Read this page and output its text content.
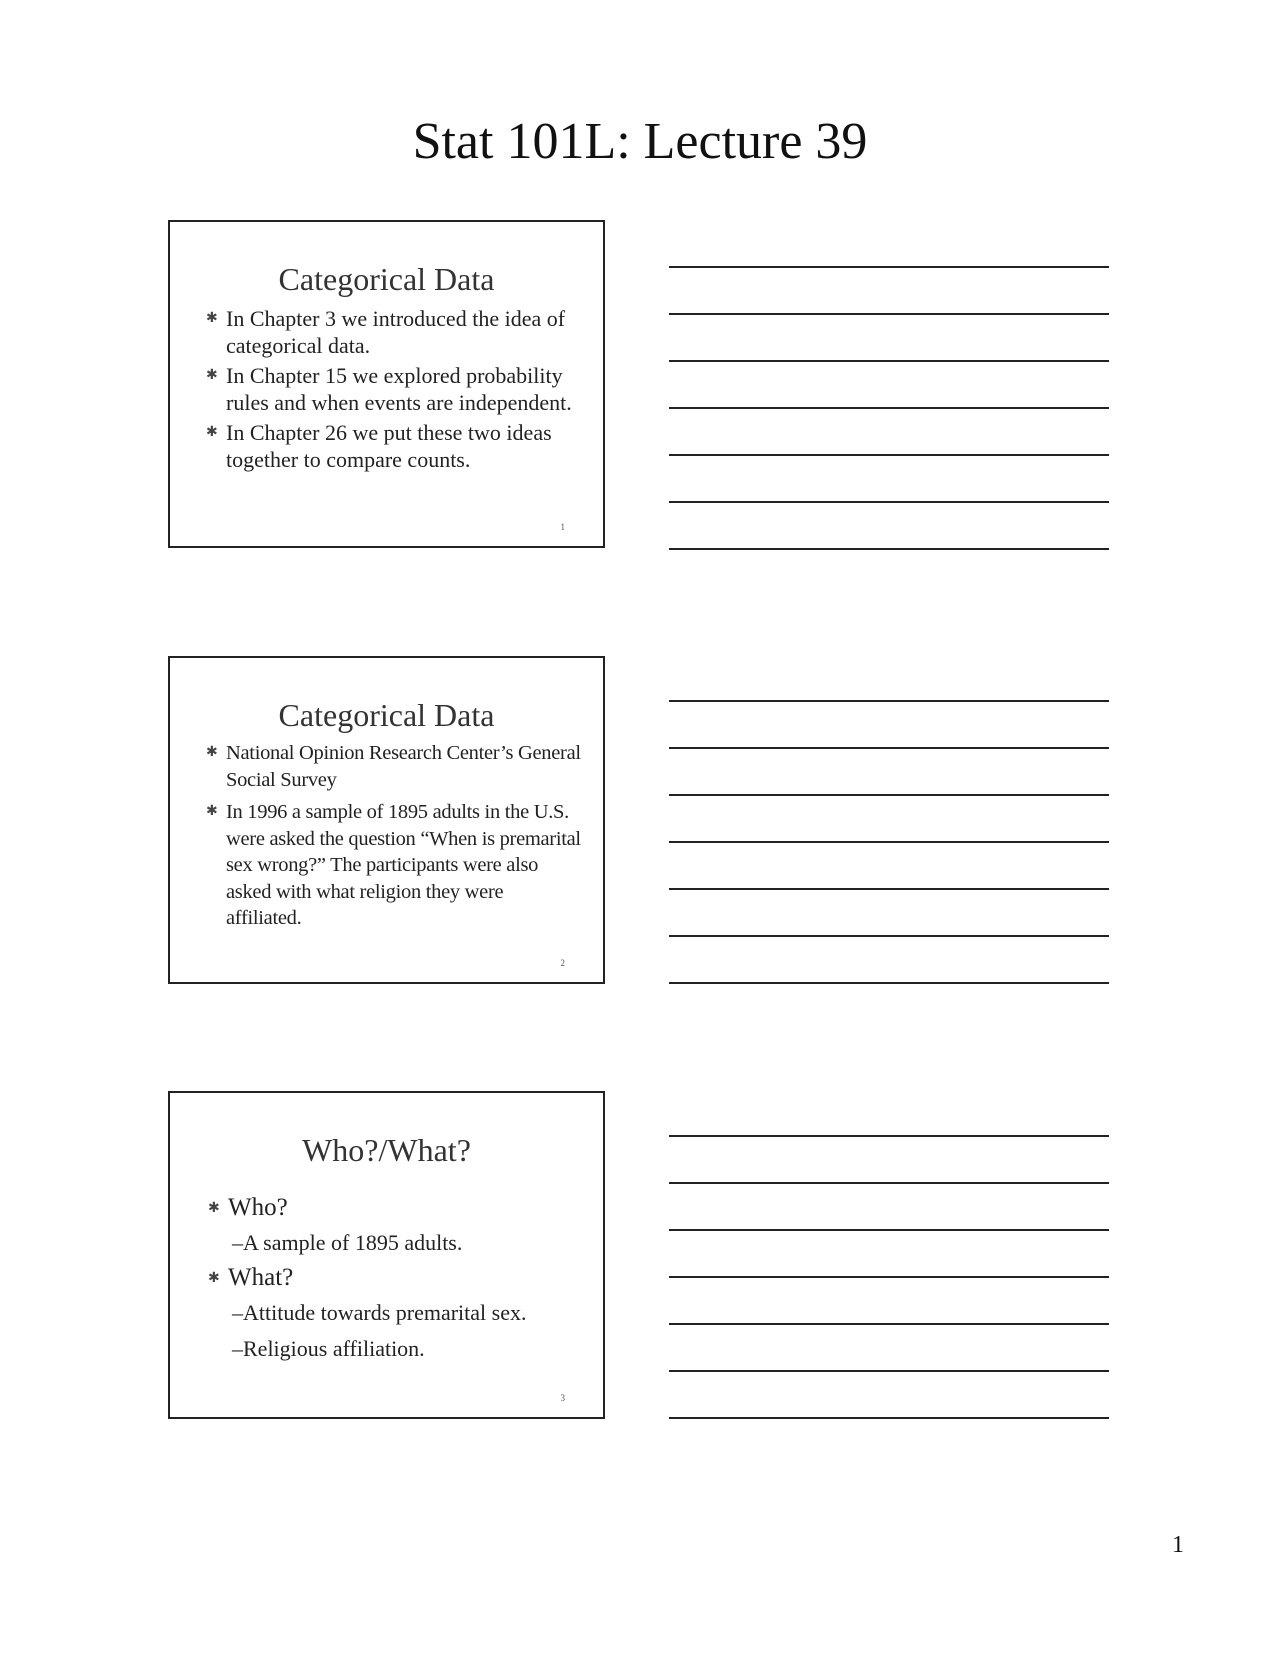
Stat 101L: Lecture 39
Categorical Data
✱ In Chapter 3 we introduced the idea of categorical data.
✱ In Chapter 15 we explored probability rules and when events are independent.
✱ In Chapter 26 we put these two ideas together to compare counts.
1
Categorical Data
✱ National Opinion Research Center’s General Social Survey
✱ In 1996 a sample of 1895 adults in the U.S. were asked the question “When is premarital sex wrong?” The participants were also asked with what religion they were affiliated.
2
Who?/What?
✱ Who?
–A sample of 1895 adults.
✱ What?
–Attitude towards premarital sex.
–Religious affiliation.
3
1
